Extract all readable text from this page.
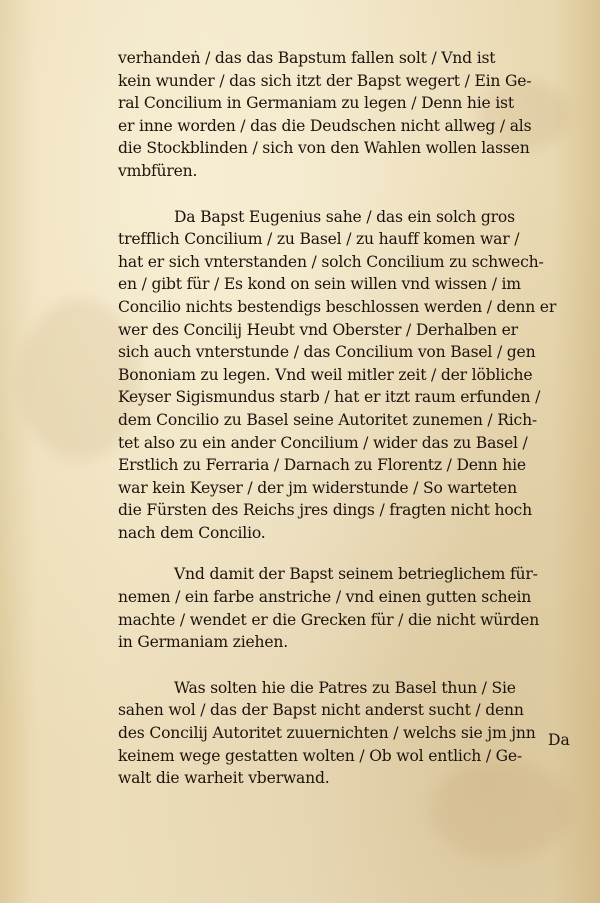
verhandeṅ / das das Bapstum fallen solt / Vnd ist
kein wunder / das sich itzt der Bapst wegert / Ein Ge-
ral Concilium in Germaniam zu legen / Denn hie ist
er inne worden / das die Deudschen nicht allweg / als
die Stockblinden / sich von den Wahlen wollen lassen
vmbfüren.

Da Bapst Eugenius sahe / das ein solch gros
trefflich Concilium / zu Basel / zu hauff komen war /
hat er sich vnterstanden / solch Concilium zu schwech-
en / gibt für / Es kond on sein willen vnd wissen / im
Concilio nichts bestendigs beschlossen werden / denn er
wer des Concilij Heubt vnd Oberster / Derhalben er
sich auch vnterstunde / das Concilium von Basel / gen
Bononiam zu legen. Vnd weil mitler zeit / der löbliche
Keyser Sigismundus starb / hat er itzt raum erfunden /
dem Concilio zu Basel seine Autoritet zunemen / Rich-
tet also zu ein ander Concilium / wider das zu Basel /
Erstlich zu Ferraria / Darnach zu Florentz / Denn hie
war kein Keyser / der jm widerstunde / So warteten
die Fürsten des Reichs jres dings / fragten nicht hoch
nach dem Concilio.

Vnd damit der Bapst seinem betrieglichem für-
nemen / ein farbe anstriche / vnd einen gutten schein
machte / wendet er die Grecken für / die nicht würden
in Germaniam ziehen.

Was solten hie die Patres zu Basel thun / Sie
sahen wol / das der Bapst nicht anderst sucht / denn
des Concilij Autoritet zuuernichten / welchs sie jm jnn
keinem wege gestatten wolten / Ob wol entlich / Ge-
walt die warheit vberwand.

Da
